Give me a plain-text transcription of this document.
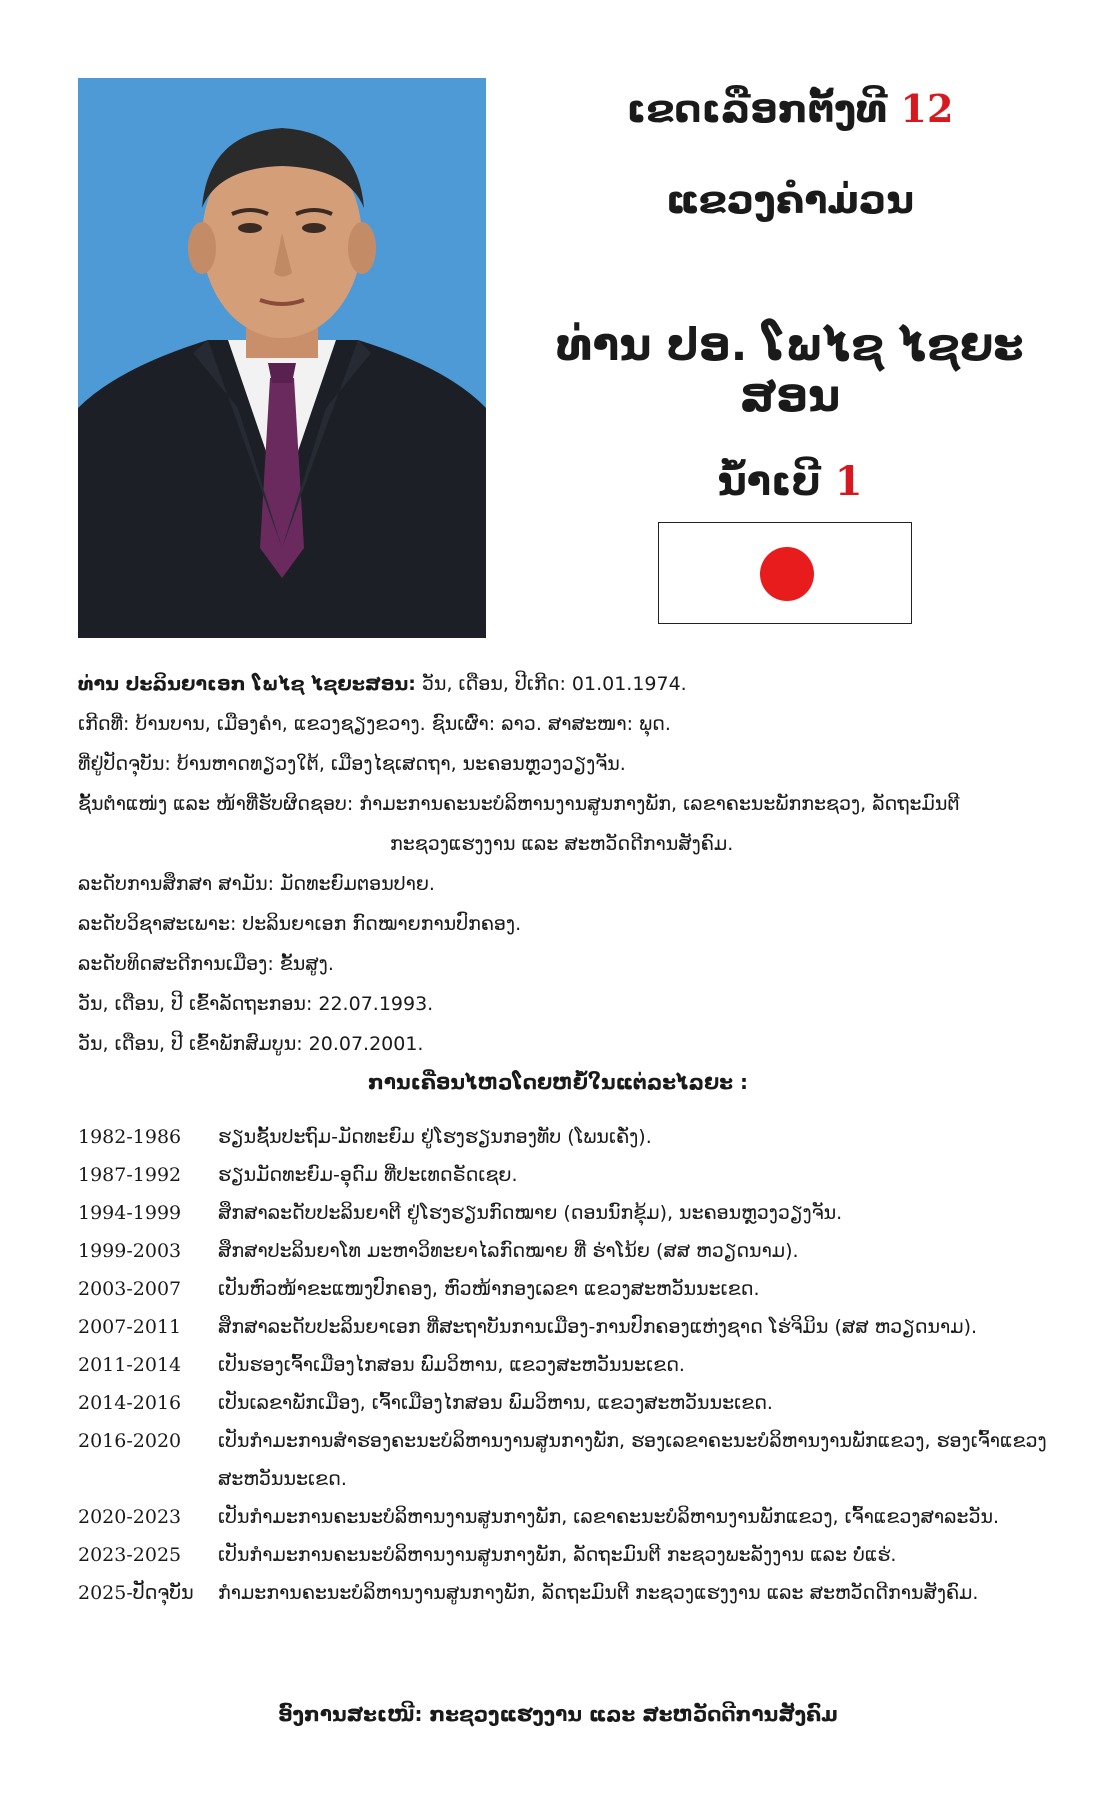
ເຂດເລືອກຕັ້ງທີ 12
ແຂວງຄຳມ່ວນ
ທ່ານ ປອ. ໂພໄຊ ໄຊຍະສອນ
ນໍ້າເບີ 1
ທ່ານ ປະລິນຍາເອກ ໂພໄຊ ໄຊຍະສອນ: ວັນ, ເດືອນ, ປີເກີດ: 01.01.1974.
ເກີດທີ່: ບ້ານບານ, ເມືອງຄຳ, ແຂວງຊຽງຂວາງ. ຊົນເຜົ່າ: ລາວ. ສາສະໜາ: ພຸດ.
ທີ່ຢູ່ປັດຈຸບັນ: ບ້ານຫາດທຽວງໃຕ້, ເມືອງໄຊເສດຖາ, ນະຄອນຫຼວງວຽງຈັນ.
ຊັ້ນຕຳແໜ່ງ ແລະ ໜ້າທີ່ຮັບຜິດຊອບ: ກຳມະການຄະນະບໍລິຫານງານສູນກາງພັກ, ເລຂາຄະນະພັກກະຊວງ, ລັດຖະມົນຕີ
ກະຊວງແຮງງານ ແລະ ສະຫວັດດີການສັງຄົມ.
ລະດັບການສຶກສາ ສາມັນ: ມັດທະຍົມຕອນປາຍ.
ລະດັບວິຊາສະເພາະ: ປະລິນຍາເອກ ກົດໝາຍການປົກຄອງ.
ລະດັບທິດສະດີການເມືອງ: ຂັ້ນສູງ.
ວັນ, ເດືອນ, ປີ ເຂົ້າລັດຖະກອນ: 22.07.1993.
ວັນ, ເດືອນ, ປີ ເຂົ້າພັກສົມບູນ: 20.07.2001.
ການເຄື່ອນໄຫວໂດຍຫຍໍ້ໃນແຕ່ລະໄລຍະ :
1982-1986	ຮຽນຊັ້ນປະຖົມ-ມັດທະຍົມ ຢູ່ໂຮງຮຽນກອງທັບ (ໂພນເຄັ່ງ).
1987-1992	ຮຽນມັດທະຍົມ-ອຸດົມ ທີ່ປະເທດຣັດເຊຍ.
1994-1999	ສຶກສາລະດັບປະລິນຍາຕີ ຢູ່ໂຮງຮຽນກົດໝາຍ (ດອນນົກຂຸ້ມ), ນະຄອນຫຼວງວຽງຈັນ.
1999-2003	ສຶກສາປະລິນຍາໂທ ມະຫາວິທະຍາໄລກົດໝາຍ ທີ່ ຮ່າໂນ້ຍ (ສສ ຫວຽດນາມ).
2003-2007	ເປັນຫົວໜ້າຂະແໜງປົກຄອງ, ຫົວໜ້າກອງເລຂາ ແຂວງສະຫວັນນະເຂດ.
2007-2011	ສຶກສາລະດັບປະລິນຍາເອກ ທີ່ສະຖາບັນການເມືອງ-ການປົກຄອງແຫ່ງຊາດ ໂຮ່ຈິມິນ (ສສ ຫວຽດນາມ).
2011-2014	ເປັນຮອງເຈົ້າເມືອງໄກສອນ ພົມວິຫານ, ແຂວງສະຫວັນນະເຂດ.
2014-2016	ເປັນເລຂາພັກເມືອງ, ເຈົ້າເມືອງໄກສອນ ພົມວິຫານ, ແຂວງສະຫວັນນະເຂດ.
2016-2020	ເປັນກຳມະການສຳຮອງຄະນະບໍລິຫານງານສູນກາງພັກ, ຮອງເລຂາຄະນະບໍລິຫານງານພັກແຂວງ, ຮອງເຈົ້າແຂວງສະຫວັນນະເຂດ.
2020-2023	ເປັນກຳມະການຄະນະບໍລິຫານງານສູນກາງພັກ, ເລຂາຄະນະບໍລິຫານງານພັກແຂວງ, ເຈົ້າແຂວງສາລະວັນ.
2023-2025	ເປັນກຳມະການຄະນະບໍລິຫານງານສູນກາງພັກ, ລັດຖະມົນຕີ ກະຊວງພະລັງງານ ແລະ ບໍ່ແຮ່.
2025-ປັດຈຸບັນ	ກຳມະການຄະນະບໍລິຫານງານສູນກາງພັກ, ລັດຖະມົນຕີ ກະຊວງແຮງງານ ແລະ ສະຫວັດດີການສັງຄົມ.
ອົງການສະເໜີ: ກະຊວງແຮງງານ ແລະ ສະຫວັດດີການສັງຄົມ
